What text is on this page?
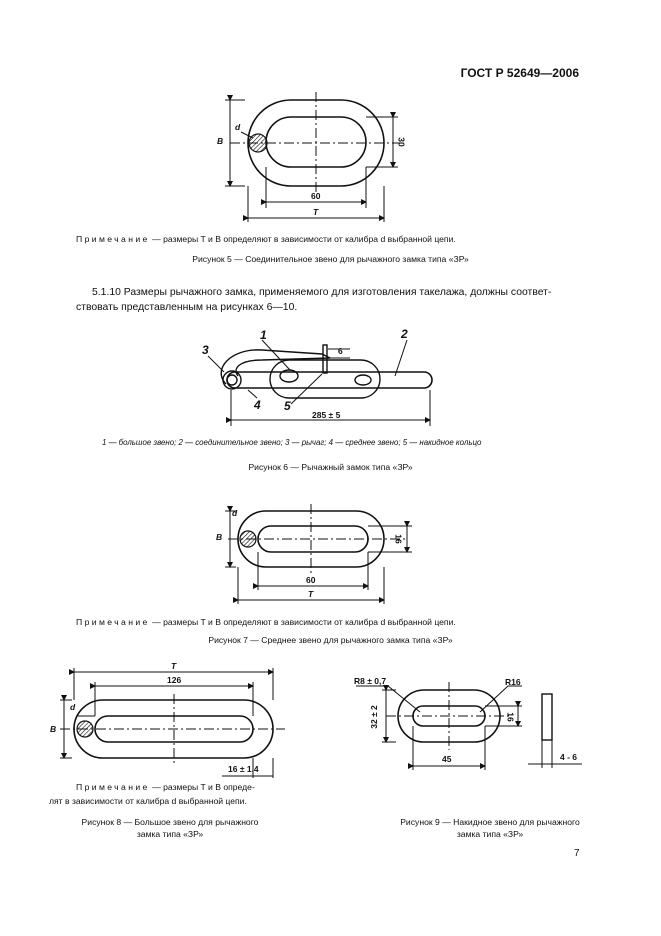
ГОСТ Р 52649—2006
B
d
30
60
T
Примечание — размеры T и B определяют в зависимости от калибра d выбранной цепи.
Рисунок 5 — Соединительное звено для рычажного замка типа «ЗР»
5.1.10 Размеры рычажного замка, применяемого для изготовления такелажа, должны соответ-
ствовать представленным на рисунках 6—10.
1	2
3
4 5
6
285 ± 5
1 — большое звено; 2 — соединительное звено; 3 — рычаг; 4 — среднее звено; 5 — накидное кольцо
Рисунок 6 — Рычажный замок типа «ЗР»
B
d
16
60
T
Примечание — размеры T и B определяют в зависимости от калибра d выбранной цепи.
Рисунок 7 — Среднее звено для рычажного замка типа «ЗР»
T
126
d
B
16 ± 1,4
Примечание — размеры T и B опреде-
лят в зависимости от калибра d выбранной цепи.
Рисунок 8 — Большое звено для рычажного
замка типа «ЗР»
R8 ± 0,7	R16
32 ± 2	16
45	4 - 6
Рисунок 9 — Накидное звено для рычажного
замка типа «ЗР»
7
